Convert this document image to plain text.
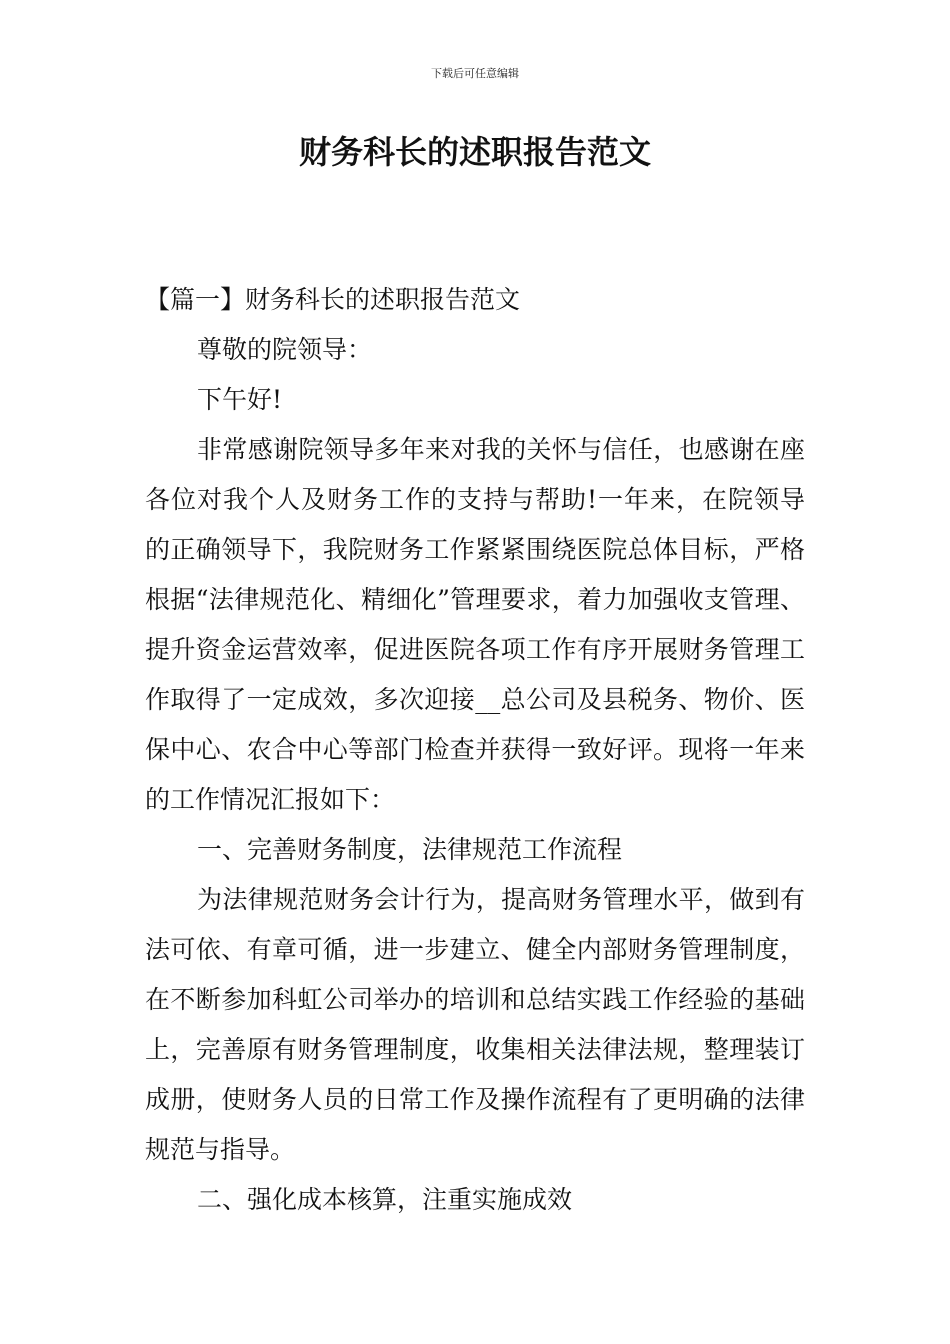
下载后可任意编辑
财务科长的述职报告范文

【篇一】财务科长的述职报告范文

尊敬的院领导：

下午好!

非常感谢院领导多年来对我的关怀与信任，也感谢在座各位对我个人及财务工作的支持与帮助!一年来，在院领导的正确领导下，我院财务工作紧紧围绕医院总体目标，严格根据“法律规范化、精细化”管理要求，着力加强收支管理、提升资金运营效率，促进医院各项工作有序开展财务管理工作取得了一定成效，多次迎接__总公司及县税务、物价、医保中心、农合中心等部门检查并获得一致好评。现将一年来的工作情况汇报如下：

一、完善财务制度，法律规范工作流程

为法律规范财务会计行为，提高财务管理水平，做到有法可依、有章可循，进一步建立、健全内部财务管理制度，在不断参加科虹公司举办的培训和总结实践工作经验的基础上，完善原有财务管理制度，收集相关法律法规，整理装订成册，使财务人员的日常工作及操作流程有了更明确的法律规范与指导。

二、强化成本核算，注重实施成效
